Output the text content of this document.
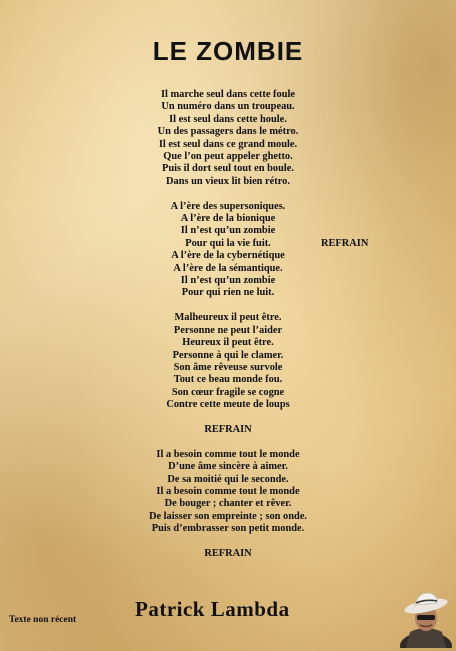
LE ZOMBIE
Il marche seul dans cette foule
Un numéro dans un troupeau.
Il est seul dans cette houle.
Un des passagers dans le métro.
Il est seul dans ce grand moule.
Que l’on peut appeler ghetto.
Puis il dort seul tout en boule.
Dans un vieux lit bien rétro.
A l’ère des supersoniques.
A l’ère de la bionique
Il n’est qu’un zombie
Pour qui la vie fuit.
A l’ère de la cybernétique
A l’ère de la sémantique.
Il n’est qu’un zombie
Pour qui rien ne luit.
Malheureux il peut être.
Personne ne peut l’aider
Heureux il peut être.
Personne à qui le clamer.
Son âme rêveuse survole
Tout ce beau monde fou.
Son cœur fragile se cogne
Contre cette meute de loups
REFRAIN
Il a besoin comme tout le monde
D’une âme sincère à aimer.
De sa moitié qui le seconde.
Il a besoin comme tout le monde
De bouger ; chanter et rêver.
De laisser son empreinte ; son onde.
Puis d’embrasser son petit monde.
REFRAIN
REFRAIN
Patrick Lambda
Texte non récent
